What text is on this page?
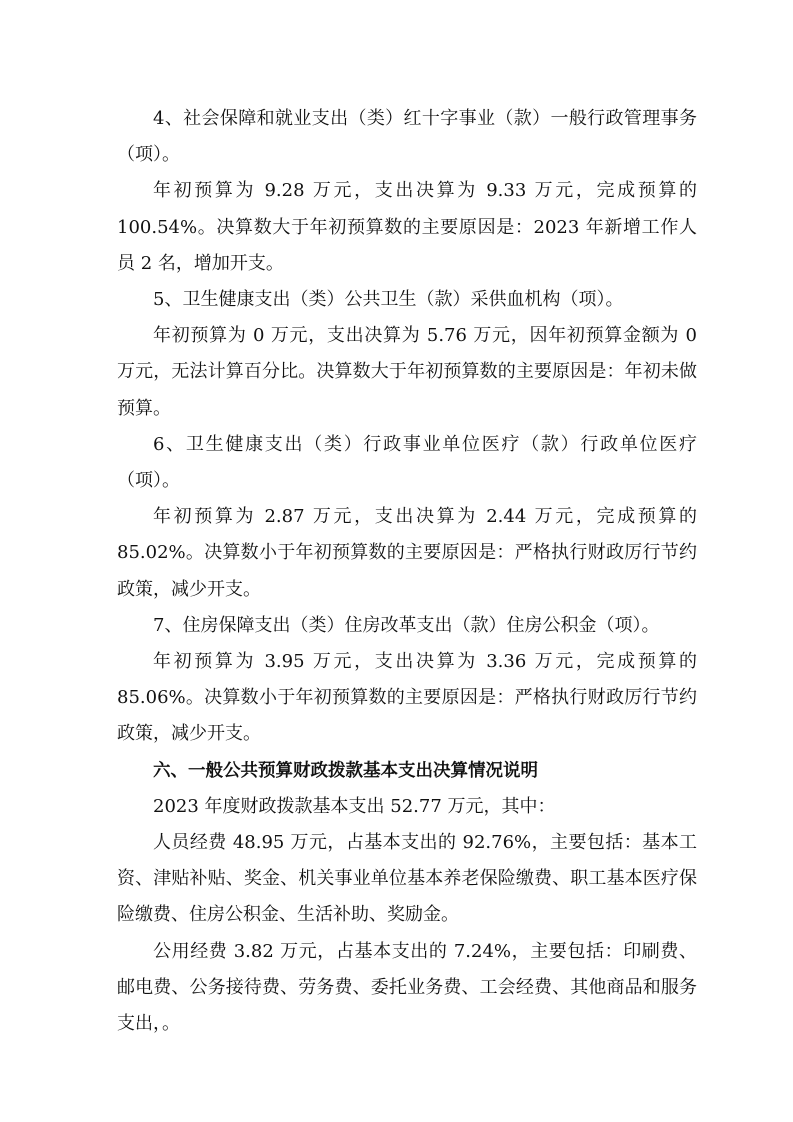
4、社会保障和就业支出（类）红十字事业（款）一般行政管理事务（项）。

年初预算为 9.28 万元，支出决算为 9.33 万元，完成预算的 100.54%。决算数大于年初预算数的主要原因是：2023 年新增工作人员 2 名，增加开支。

5、卫生健康支出（类）公共卫生（款）采供血机构（项）。

年初预算为 0 万元，支出决算为 5.76 万元，因年初预算金额为 0 万元，无法计算百分比。决算数大于年初预算数的主要原因是：年初未做预算。

6、卫生健康支出（类）行政事业单位医疗（款）行政单位医疗（项）。

年初预算为 2.87 万元，支出决算为 2.44 万元，完成预算的 85.02%。决算数小于年初预算数的主要原因是：严格执行财政厉行节约政策，减少开支。

7、住房保障支出（类）住房改革支出（款）住房公积金（项）。

年初预算为 3.95 万元，支出决算为 3.36 万元，完成预算的 85.06%。决算数小于年初预算数的主要原因是：严格执行财政厉行节约政策，减少开支。

六、一般公共预算财政拨款基本支出决算情况说明

2023 年度财政拨款基本支出 52.77 万元，其中：

人员经费 48.95 万元，占基本支出的 92.76%，主要包括：基本工资、津贴补贴、奖金、机关事业单位基本养老保险缴费、职工基本医疗保险缴费、住房公积金、生活补助、奖励金。

公用经费 3.82 万元，占基本支出的 7.24%，主要包括：印刷费、邮电费、公务接待费、劳务费、委托业务费、工会经费、其他商品和服务支出，。
